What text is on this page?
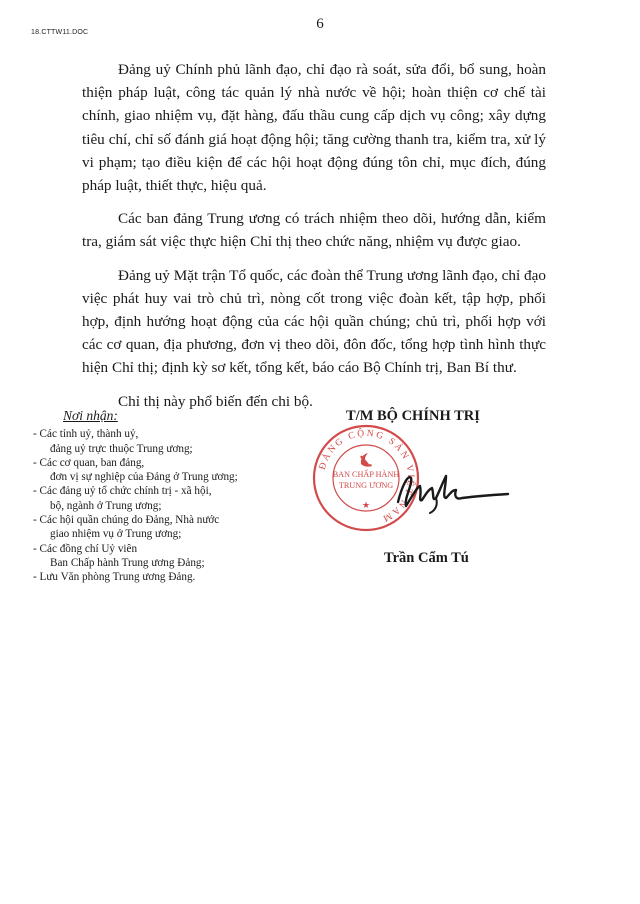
18.CTTW11.DOC
6

Đảng uỷ Chính phủ lãnh đạo, chỉ đạo rà soát, sửa đổi, bổ sung, hoàn thiện pháp luật, công tác quản lý nhà nước về hội; hoàn thiện cơ chế tài chính, giao nhiệm vụ, đặt hàng, đấu thầu cung cấp dịch vụ công; xây dựng tiêu chí, chỉ số đánh giá hoạt động hội; tăng cường thanh tra, kiểm tra, xử lý vi phạm; tạo điều kiện để các hội hoạt động đúng tôn chỉ, mục đích, đúng pháp luật, thiết thực, hiệu quả.

Các ban đảng Trung ương có trách nhiệm theo dõi, hướng dẫn, kiểm tra, giám sát việc thực hiện Chỉ thị theo chức năng, nhiệm vụ được giao.

Đảng uỷ Mặt trận Tổ quốc, các đoàn thể Trung ương lãnh đạo, chỉ đạo việc phát huy vai trò chủ trì, nòng cốt trong việc đoàn kết, tập hợp, phối hợp, định hướng hoạt động của các hội quần chúng; chủ trì, phối hợp với các cơ quan, địa phương, đơn vị theo dõi, đôn đốc, tổng hợp tình hình thực hiện Chỉ thị; định kỳ sơ kết, tổng kết, báo cáo Bộ Chính trị, Ban Bí thư.

Chỉ thị này phổ biến đến chi bộ.

Nơi nhận:
- Các tỉnh uỷ, thành uỷ,
đảng uỷ trực thuộc Trung ương;
- Các cơ quan, ban đảng,
đơn vị sự nghiệp của Đảng ở Trung ương;
- Các đảng uỷ tổ chức chính trị - xã hội,
bộ, ngành ở Trung ương;
- Các hội quần chúng do Đảng, Nhà nước
giao nhiệm vụ ở Trung ương;
- Các đồng chí Uỷ viên
Ban Chấp hành Trung ương Đảng;
- Lưu Văn phòng Trung ương Đảng.
ĐẢNG CỘNG SẢN VIỆT NAM
BAN CHẤP HÀNH
TRUNG ƯƠNG
★
T/M BỘ CHÍNH TRỊ
Trần Cẩm Tú
